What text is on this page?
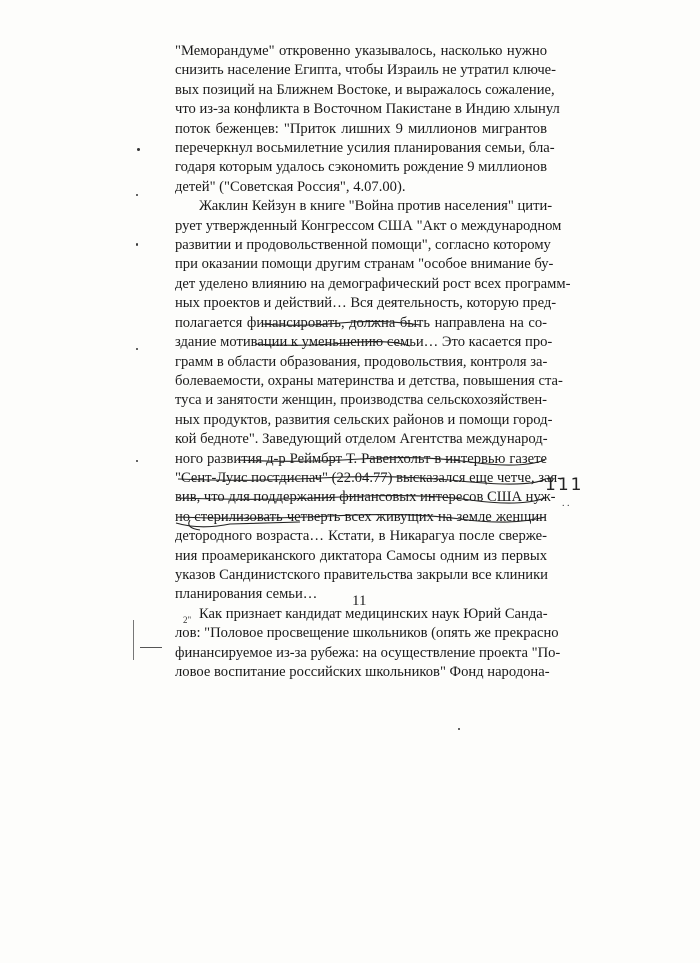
"Меморандуме" откровенно указывалось, насколько нужно
снизить население Египта, чтобы Израиль не утратил ключе-
вых позиций на Ближнем Востоке, и выражалось сожаление,
что из-за конфликта в Восточном Пакистане в Индию хлынул
поток беженцев: "Приток лишних 9 миллионов мигрантов
перечеркнул восьмилетние усилия планирования семьи, бла-
годаря которым удалось сэкономить рождение 9 миллионов
детей" ("Советская Россия", 4.07.00).
Жаклин Кейзун в книге "Война против населения" цити-
рует утвержденный Конгрессом США "Акт о международном
развитии и продовольственной помощи", согласно которому
при оказании помощи другим странам "особое внимание бу-
дет уделено влиянию на демографический рост всех программ-
ных проектов и действий… Вся деятельность, которую пред-
полагается финансировать, должна быть направлена на со-
здание мотивации к уменьшению семьи… Это касается про-
грамм в области образования, продовольствия, контроля за-
болеваемости, охраны материнства и детства, повышения ста-
туса и занятости женщин, производства сельскохозяйствен-
ных продуктов, развития сельских районов и помощи город-
кой бедноте". Заведующий отделом Агентства международ-
ного развития д-р Реймбрт Т. Равенхольт в интервью газете
"Сент-Луис постдиспач" (22.04.77) высказался еще четче, зая-
вив, что для поддержания финансовых интересов США нуж-
но стерилизовать четверть всех живущих на земле женщин
детородного возраста… Кстати, в Никарагуа после сверже-
ния проамериканского диктатора Самосы одним из первых
указов Сандинистского правительства закрыли все клиники
планирования семьи…
Как признает кандидат медицинских наук Юрий Сандa-
лов: "Половое просвещение школьников (опять же прекрасно
финансируемое из-за рубежа: на осуществление проекта "По-
ловое воспитание российских школьников" Фонд народона-
111
. .
11
2"
